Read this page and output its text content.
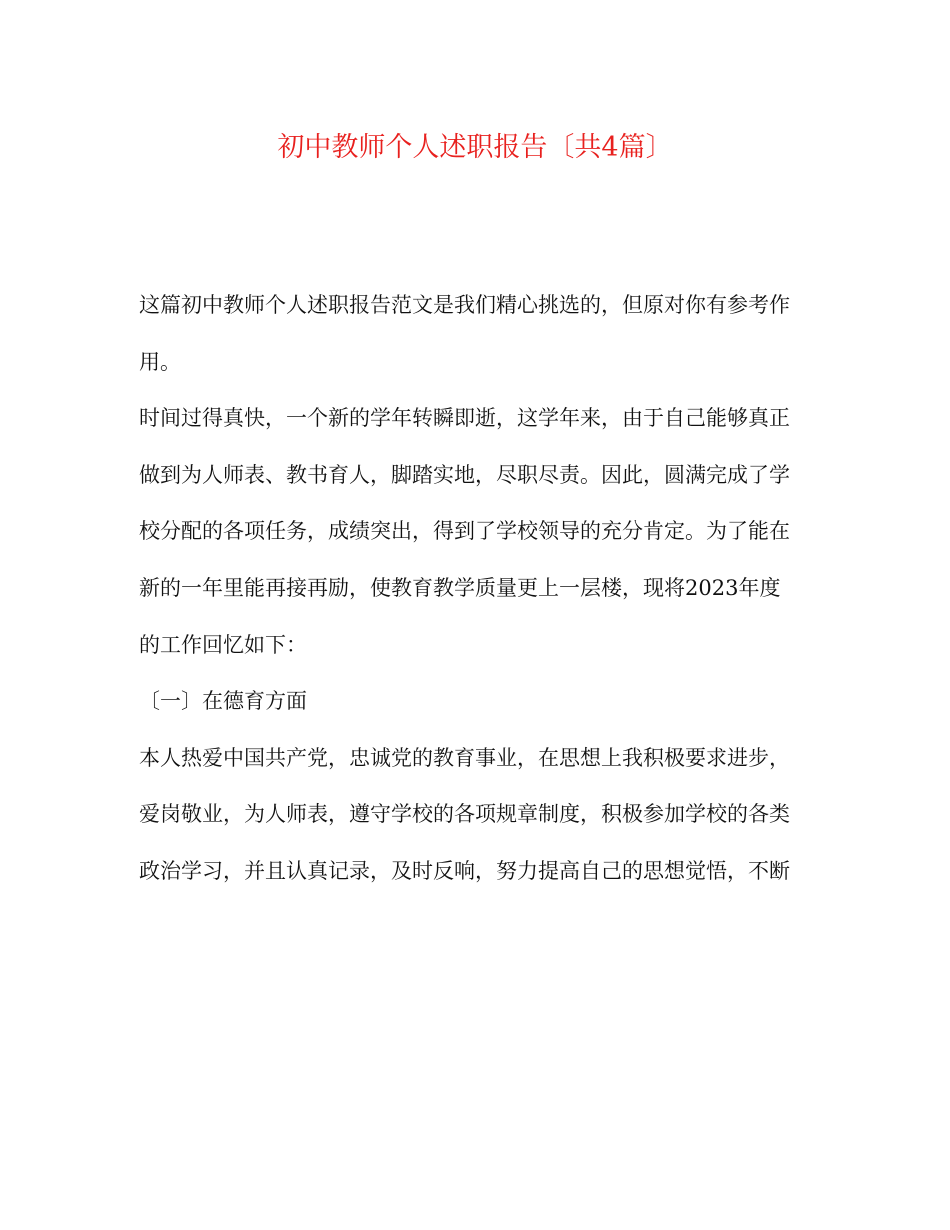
初中教师个人述职报告〔共4篇〕
这篇初中教师个人述职报告范文是我们精心挑选的，但原对你有参考作
用。
时间过得真快，一个新的学年转瞬即逝，这学年来，由于自己能够真正
做到为人师表、教书育人，脚踏实地，尽职尽责。因此，圆满完成了学
校分配的各项任务，成绩突出，得到了学校领导的充分肯定。为了能在
新的一年里能再接再励，使教育教学质量更上一层楼，现将2023年度
的工作回忆如下：
〔一〕在德育方面
本人热爱中国共产党，忠诚党的教育事业，在思想上我积极要求进步，
爱岗敬业，为人师表，遵守学校的各项规章制度，积极参加学校的各类
政治学习，并且认真记录，及时反响，努力提高自己的思想觉悟，不断
